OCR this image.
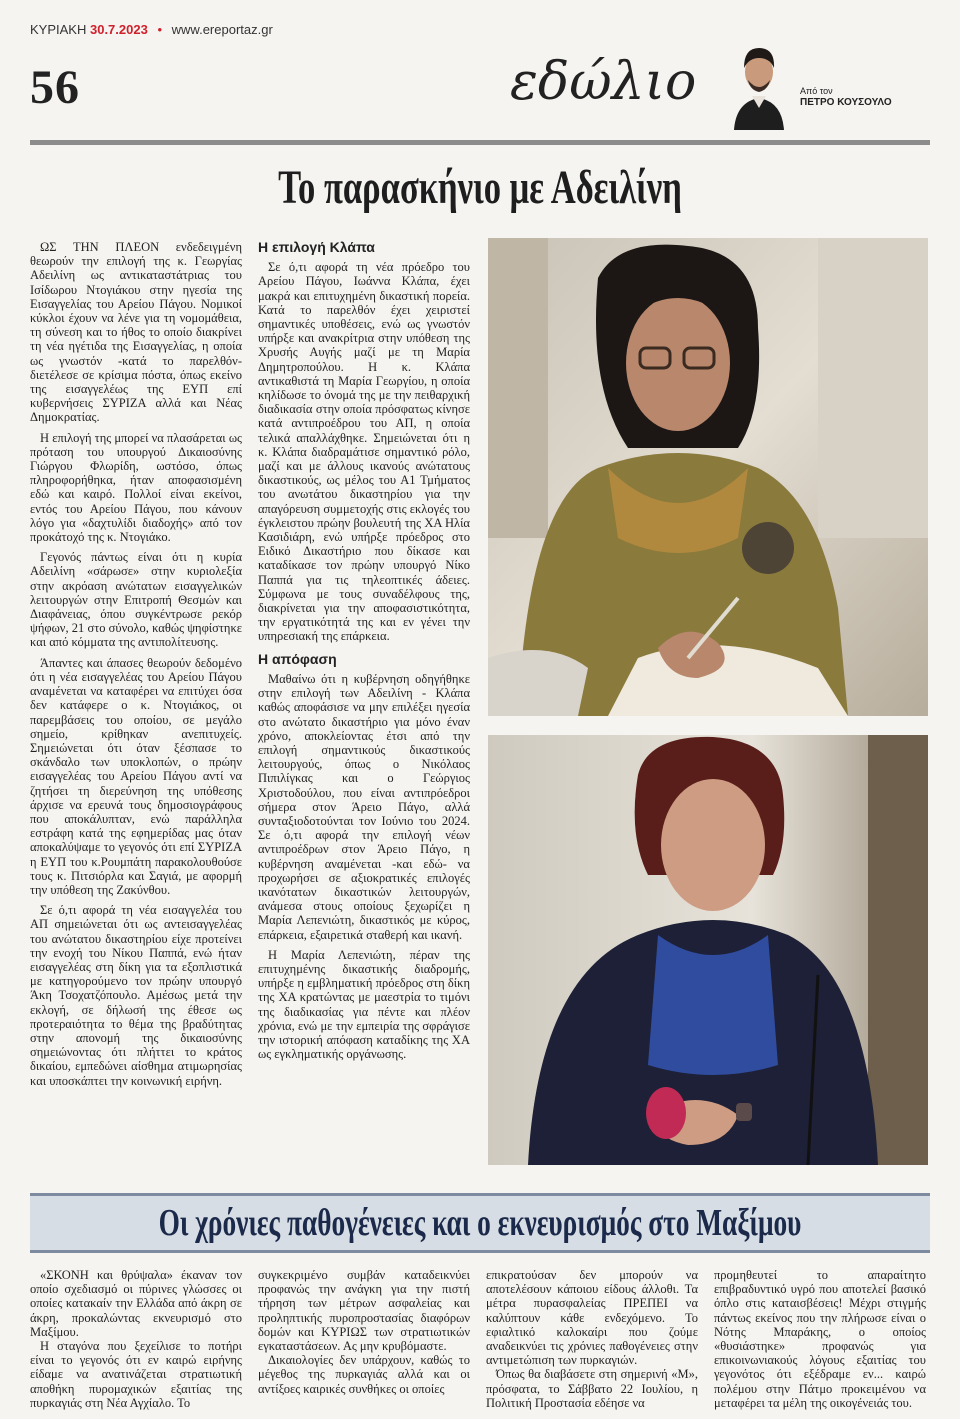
ΚΥΡΙΑΚΗ 30.7.2023 • www.ereportaz.gr
56	εδώλιο	Από τον
ΠΕΤΡΟ ΚΟΥΣΟΥΛΟ
Το παρασκήνιο με Αδειλίνη

ΩΣ ΤΗΝ ΠΛΕΟΝ ενδεδειγμένη θεωρούν την επιλογή της κ. Γεωργίας Αδειλίνη ως αντικαταστάτριας του Ισίδωρου Ντογιάκου στην ηγεσία της Εισαγγελίας του Αρείου Πάγου. Νομικοί κύκλοι έχουν να λένε για τη νομομάθεια, τη σύνεση και το ήθος το οποίο διακρίνει τη νέα ηγέτιδα της Εισαγγελίας, η οποία ως γνωστόν -κατά το παρελθόν- διετέλεσε σε κρίσιμα πόστα, όπως εκείνο της εισαγγελέως της ΕΥΠ επί κυβερνήσεις ΣΥΡΙΖΑ αλλά και Νέας Δημοκρατίας.

Η επιλογή της μπορεί να πλασάρεται ως πρόταση του υπουργού Δικαιοσύνης Γιώργου Φλωρίδη, ωστόσο, όπως πληροφορήθηκα, ήταν αποφασισμένη εδώ και καιρό. Πολλοί είναι εκείνοι, εντός του Αρείου Πάγου, που κάνουν λόγο για «δαχτυλίδι διαδοχής» από τον προκάτοχό της κ. Ντογιάκο.

Γεγονός πάντως είναι ότι η κυρία Αδειλίνη «σάρωσε» στην κυριολεξία στην ακρόαση ανώτατων εισαγγελικών λειτουργών στην Επιτροπή Θεσμών και Διαφάνειας, όπου συγκέντρωσε ρεκόρ ψήφων, 21 στο σύνολο, καθώς ψηφίστηκε και από κόμματα της αντιπολίτευσης.

Άπαντες και άπασες θεωρούν δεδομένο ότι η νέα εισαγγελέας του Αρείου Πάγου αναμένεται να καταφέρει να επιτύχει όσα δεν κατάφερε ο κ. Ντογιάκος, οι παρεμβάσεις του οποίου, σε μεγάλο σημείο, κρίθηκαν ανεπιτυχείς. Σημειώνεται ότι όταν ξέσπασε το σκάνδαλο των υποκλοπών, ο πρώην εισαγγελέας του Αρείου Πάγου αντί να ζητήσει τη διερεύνηση της υπόθεσης άρχισε να ερευνά τους δημοσιογράφους που αποκάλυπταν, ενώ παράλληλα εστράφη κατά της εφημερίδας μας όταν αποκαλύψαμε το γεγονός ότι επί ΣΥΡΙΖΑ η ΕΥΠ του κ.Ρουμπάτη παρακολουθούσε τους κ. Πιτσιόρλα και Σαγιά, με αφορμή την υπόθεση της Ζακύνθου.

Σε ό,τι αφορά τη νέα εισαγγελέα του ΑΠ σημειώνεται ότι ως αντεισαγγελέας του ανώτατου δικαστηρίου είχε προτείνει την ενοχή του Νίκου Παππά, ενώ ήταν εισαγγελέας στη δίκη για τα εξοπλιστικά με κατηγορούμενο τον πρώην υπουργό Άκη Τσοχατζόπουλο. Αμέσως μετά την εκλογή, σε δήλωσή της έθεσε ως προτεραιότητα το θέμα της βραδύτητας στην απονομή της δικαιοσύνης σημειώνοντας ότι πλήττει το κράτος δικαίου, εμπεδώνει αίσθημα ατιμωρησίας και υποσκάπτει την κοινωνική ειρήνη.

Η επιλογή Κλάπα

Σε ό,τι αφορά τη νέα πρόεδρο του Αρείου Πάγου, Ιωάννα Κλάπα, έχει μακρά και επιτυχημένη δικαστική πορεία. Κατά το παρελθόν έχει χειριστεί σημαντικές υποθέσεις, ενώ ως γνωστόν υπήρξε και ανακρίτρια στην υπόθεση της Χρυσής Αυγής μαζί με τη Μαρία Δημητροπούλου. Η κ. Κλάπα αντικαθιστά τη Μαρία Γεωργίου, η οποία κηλίδωσε το όνομά της με την πειθαρχική διαδικασία στην οποία πρόσφατως κίνησε κατά αντιπροέδρου του ΑΠ, η οποία τελικά απαλλάχθηκε. Σημειώνεται ότι η κ. Κλάπα διαδραμάτισε σημαντικό ρόλο, μαζί και με άλλους ικανούς ανώτατους δικαστικούς, ως μέλος του Α1 Τμήματος του ανωτάτου δικαστηρίου για την απαγόρευση συμμετοχής στις εκλογές του έγκλειστου πρώην βουλευτή της ΧΑ Ηλία Κασιδιάρη, ενώ υπήρξε πρόεδρος στο Ειδικό Δικαστήριο που δίκασε και καταδίκασε τον πρώην υπουργό Νίκο Παππά για τις τηλεοπτικές άδειες. Σύμφωνα με τους συναδέλφους της, διακρίνεται για την αποφασιστικότητα, την εργατικότητά της και εν γένει την υπηρεσιακή της επάρκεια.

Η απόφαση

Μαθαίνω ότι η κυβέρνηση οδηγήθηκε στην επιλογή των Αδειλίνη - Κλάπα καθώς αποφάσισε να μην επιλέξει ηγεσία στο ανώτατο δικαστήριο για μόνο έναν χρόνο, αποκλείοντας έτσι από την επιλογή σημαντικούς δικαστικούς λειτουργούς, όπως ο Νικόλαος Πιπιλίγκας και ο Γεώργιος Χριστοδούλου, που είναι αντιπρόεδροι σήμερα στον Άρειο Πάγο, αλλά συνταξιοδοτούνται τον Ιούνιο του 2024. Σε ό,τι αφορά την επιλογή νέων αντιπροέδρων στον Άρειο Πάγο, η κυβέρνηση αναμένεται -και εδώ- να προχωρήσει σε αξιοκρατικές επιλογές ικανότατων δικαστικών λειτουργών, ανάμεσα στους οποίους ξεχωρίζει η Μαρία Λεπενιώτη, δικαστικός με κύρος, επάρκεια, εξαιρετικά σταθερή και ικανή.

Η Μαρία Λεπενιώτη, πέραν της επιτυχημένης δικαστικής διαδρομής, υπήρξε η εμβληματική πρόεδρος στη δίκη της ΧΑ κρατώντας με μαεστρία το τιμόνι της διαδικασίας για πέντε και πλέον χρόνια, ενώ με την εμπειρία της σφράγισε την ιστορική απόφαση καταδίκης της ΧΑ ως εγκληματικής οργάνωσης.

Οι χρόνιες παθογένειες και ο εκνευρισμός στο Μαξίμου

«ΣΚΟΝΗ και θρύψαλα» έκαναν τον οποίο σχεδιασμό οι πύρινες γλώσσες οι οποίες κατακαίν την Ελλάδα από άκρη σε άκρη, προκαλώντας εκνευρισμό στο Μαξίμου.

Η σταγόνα που ξεχείλισε το ποτήρι είναι το γεγονός ότι εν καιρώ ειρήνης είδαμε να ανατινάζεται στρατιωτική αποθήκη πυρομαχικών εξαιτίας της πυρκαγιάς στη Νέα Αγχίαλο. Το

συγκεκριμένο συμβάν καταδεικνύει προφανώς την ανάγκη για την πιστή τήρηση των μέτρων ασφαλείας και προληπτικής πυροπροστασίας διαφόρων δομών και ΚΥΡΙΩΣ των στρατιωτικών εγκαταστάσεων. Ας μην κρυβόμαστε.

Δικαιολογίες δεν υπάρχουν, καθώς το μέγεθος της πυρκαγιάς αλλά και οι αντίξοες καιρικές συνθήκες οι οποίες

επικρατούσαν δεν μπορούν να αποτελέσουν κάποιου είδους άλλοθι. Τα μέτρα πυρασφαλείας ΠΡΕΠΕΙ να καλύπτουν κάθε ενδεχόμενο. Το εφιαλτικό καλοκαίρι που ζούμε αναδεικνύει τις χρόνιες παθογένειες στην αντιμετώπιση των πυρκαγιών.

Όπως θα διαβάσετε στη σημερινή «Μ», πρόσφατα, το Σάββατο 22 Ιουλίου, η Πολιτική Προστασία εδέησε να

προμηθευτεί το απαραίτητο επιβραδυντικό υγρό που αποτελεί βασικό όπλο στις καταισβέσεις! Μέχρι στιγμής πάντως εκείνος που την πλήρωσε είναι ο Νότης Μπαράκης, ο οποίος «θυσιάστηκε» προφανώς για επικοινωνιακούς λόγους εξαιτίας του γεγονότος ότι εξέδραμε εν... καιρώ πολέμου στην Πάτμο προκειμένου να μεταφέρει τα μέλη της οικογένειάς του.
